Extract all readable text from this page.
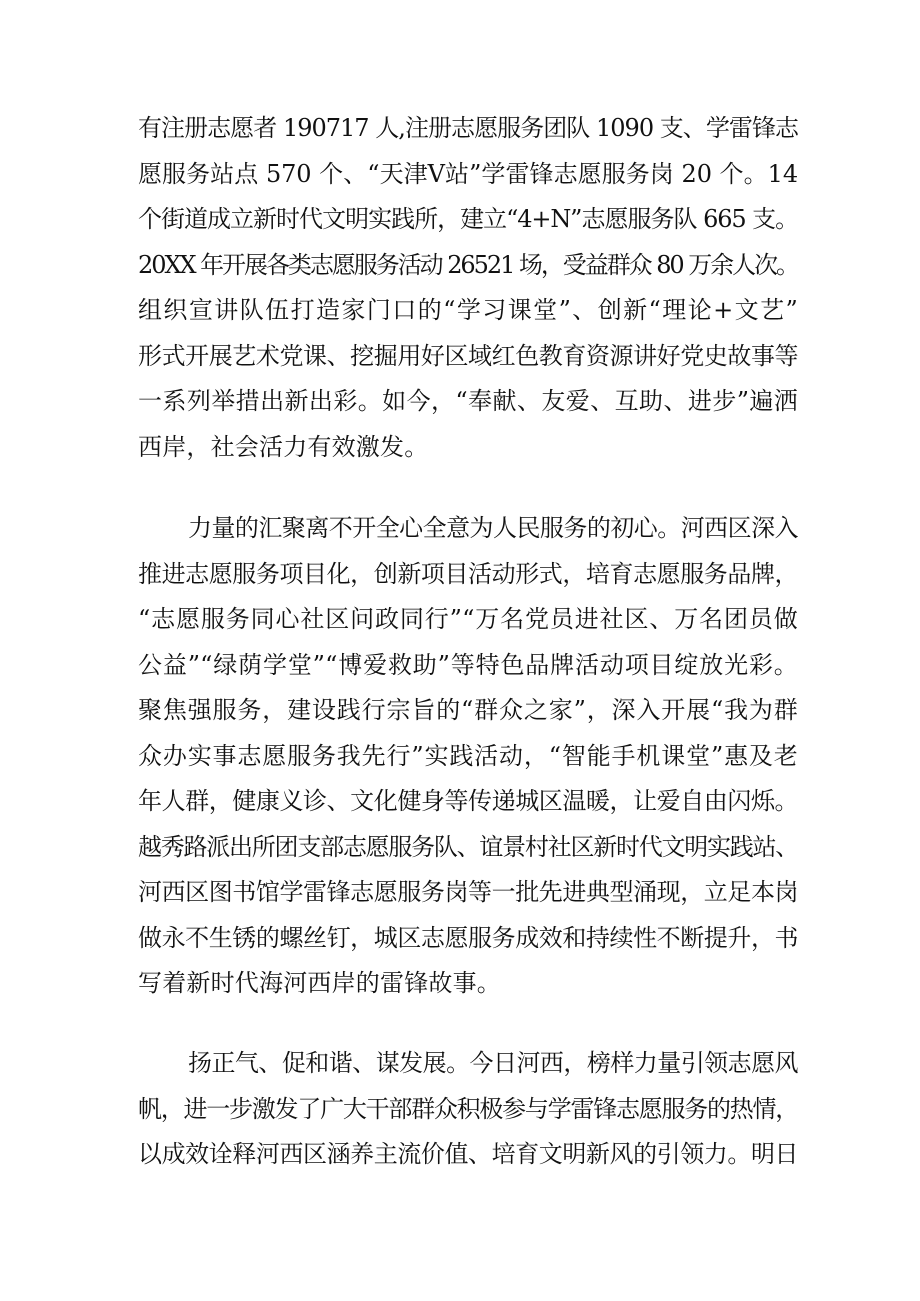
有注册志愿者 190717 人,注册志愿服务团队 1090 支、学雷锋志
愿服务站点 570 个、“天津Ⅴ站”学雷锋志愿服务岗 20 个。14
个街道成立新时代文明实践所，建立“4+N”志愿服务队 665 支。
20XX 年开展各类志愿服务活动 26521 场，受益群众 80 万余人次。
组织宣讲队伍打造家门口的“学习课堂”、创新“理论+文艺”
形式开展艺术党课、挖掘用好区域红色教育资源讲好党史故事等
一系列举措出新出彩。如今，“奉献、友爱、互助、进步”遍洒
西岸，社会活力有效激发。
力量的汇聚离不开全心全意为人民服务的初心。河西区深入
推进志愿服务项目化，创新项目活动形式，培育志愿服务品牌，
“志愿服务同心社区问政同行”“万名党员进社区、万名团员做
公益”“绿荫学堂”“博爱救助”等特色品牌活动项目绽放光彩。
聚焦强服务，建设践行宗旨的“群众之家”，深入开展“我为群
众办实事志愿服务我先行”实践活动，“智能手机课堂”惠及老
年人群，健康义诊、文化健身等传递城区温暖，让爱自由闪烁。
越秀路派出所团支部志愿服务队、谊景村社区新时代文明实践站、
河西区图书馆学雷锋志愿服务岗等一批先进典型涌现，立足本岗
做永不生锈的螺丝钉，城区志愿服务成效和持续性不断提升，书
写着新时代海河西岸的雷锋故事。
扬正气、促和谐、谋发展。今日河西，榜样力量引领志愿风
帆，进一步激发了广大干部群众积极参与学雷锋志愿服务的热情，
以成效诠释河西区涵养主流价值、培育文明新风的引领力。明日
